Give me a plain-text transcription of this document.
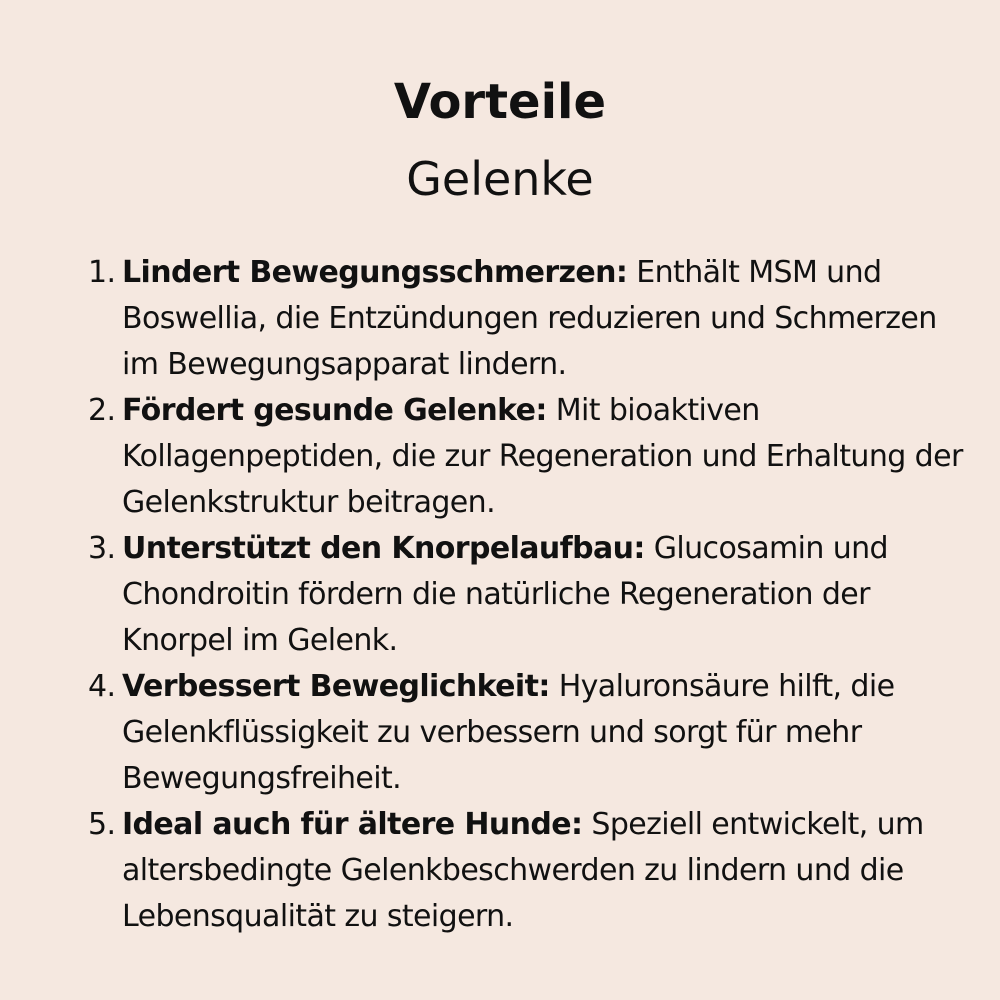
Vorteile
Gelenke
1. Lindert Bewegungsschmerzen: Enthält MSM und Boswellia, die Entzündungen reduzieren und Schmerzen im Bewegungsapparat lindern.
2. Fördert gesunde Gelenke: Mit bioaktiven Kollagenpeptiden, die zur Regeneration und Erhaltung der Gelenkstruktur beitragen.
3. Unterstützt den Knorpelaufbau: Glucosamin und Chondroitin fördern die natürliche Regeneration der Knorpel im Gelenk.
4. Verbessert Beweglichkeit: Hyaluronsäure hilft, die Gelenkflüssigkeit zu verbessern und sorgt für mehr Bewegungsfreiheit.
5. Ideal auch für ältere Hunde: Speziell entwickelt, um altersbedingte Gelenkbeschwerden zu lindern und die Lebensqualität zu steigern.
